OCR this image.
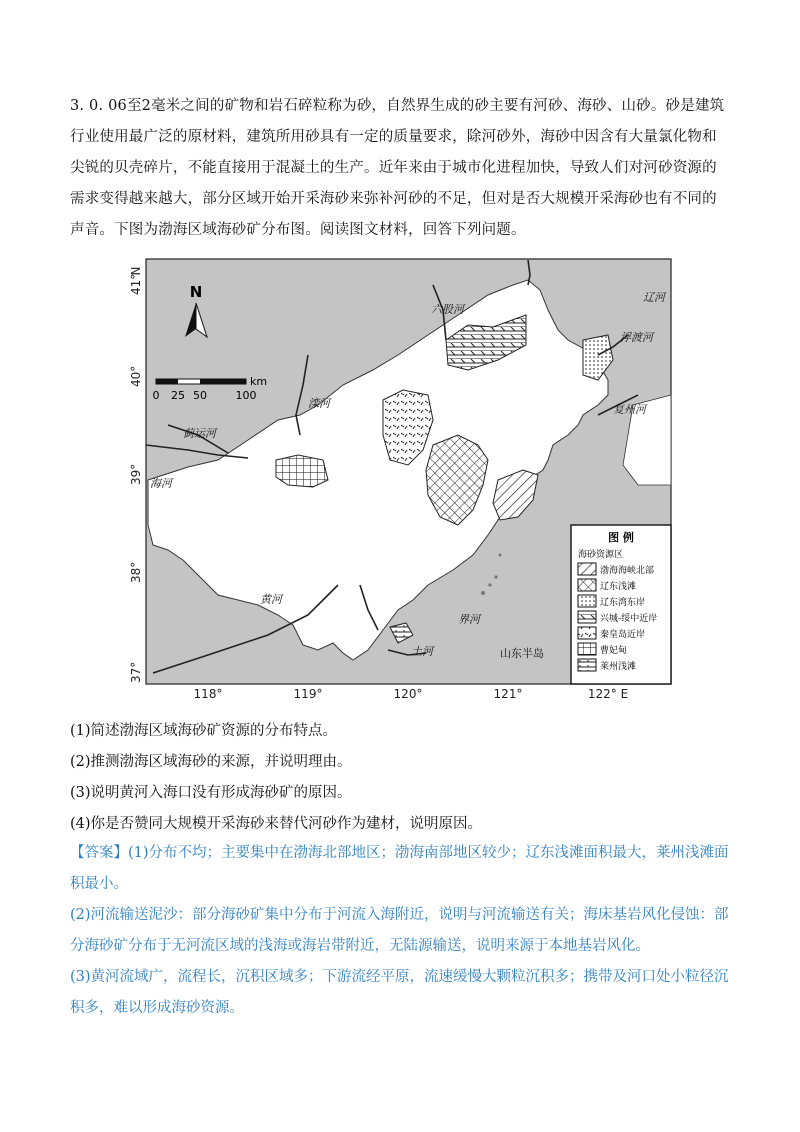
3. 0. 06至2毫米之间的矿物和岩石碎粒称为砂，自然界生成的砂主要有河砂、海砂、山砂。砂是建筑行业使用最广泛的原材料，建筑所用砂具有一定的质量要求，除河砂外，海砂中因含有大量氯化物和尖锐的贝壳碎片，不能直接用于混凝土的生产。近年来由于城市化进程加快，导致人们对河砂资源的需求变得越来越大，部分区域开始开采海砂来弥补河砂的不足，但对是否大规模开采海砂也有不同的声音。下图为渤海区域海砂矿分布图。阅读图文材料，回答下列问题。
N
41°
40°
39°
38°
37°
118°	119°	120°	121°	122° E
N
km
0 25 50	100
六股河
辽河
浮渡河
复州河
滦河
蓟运河
海河
黄河
界河
土河	山东半岛
图 例
海砂资源区
渤海海峡北部
辽东浅滩
辽东湾东岸
兴城-绥中近岸
秦皇岛近岸
曹妃甸
莱州浅滩
(1)简述渤海区域海砂矿资源的分布特点。
(2)推测渤海区域海砂的来源，并说明理由。
(3)说明黄河入海口没有形成海砂矿的原因。
(4)你是否赞同大规模开采海砂来替代河砂作为建材，说明原因。
【答案】(1)分布不均；主要集中在渤海北部地区；渤海南部地区较少；辽东浅滩面积最大，莱州浅滩面积最小。
(2)河流输送泥沙：部分海砂矿集中分布于河流入海附近，说明与河流输送有关；海床基岩风化侵蚀：部分海砂矿分布于无河流区域的浅海或海岩带附近，无陆源输送，说明来源于本地基岩风化。
(3)黄河流域广，流程长，沉积区域多；下游流经平原，流速缓慢大颗粒沉积多；携带及河口处小粒径沉积多，难以形成海砂资源。
